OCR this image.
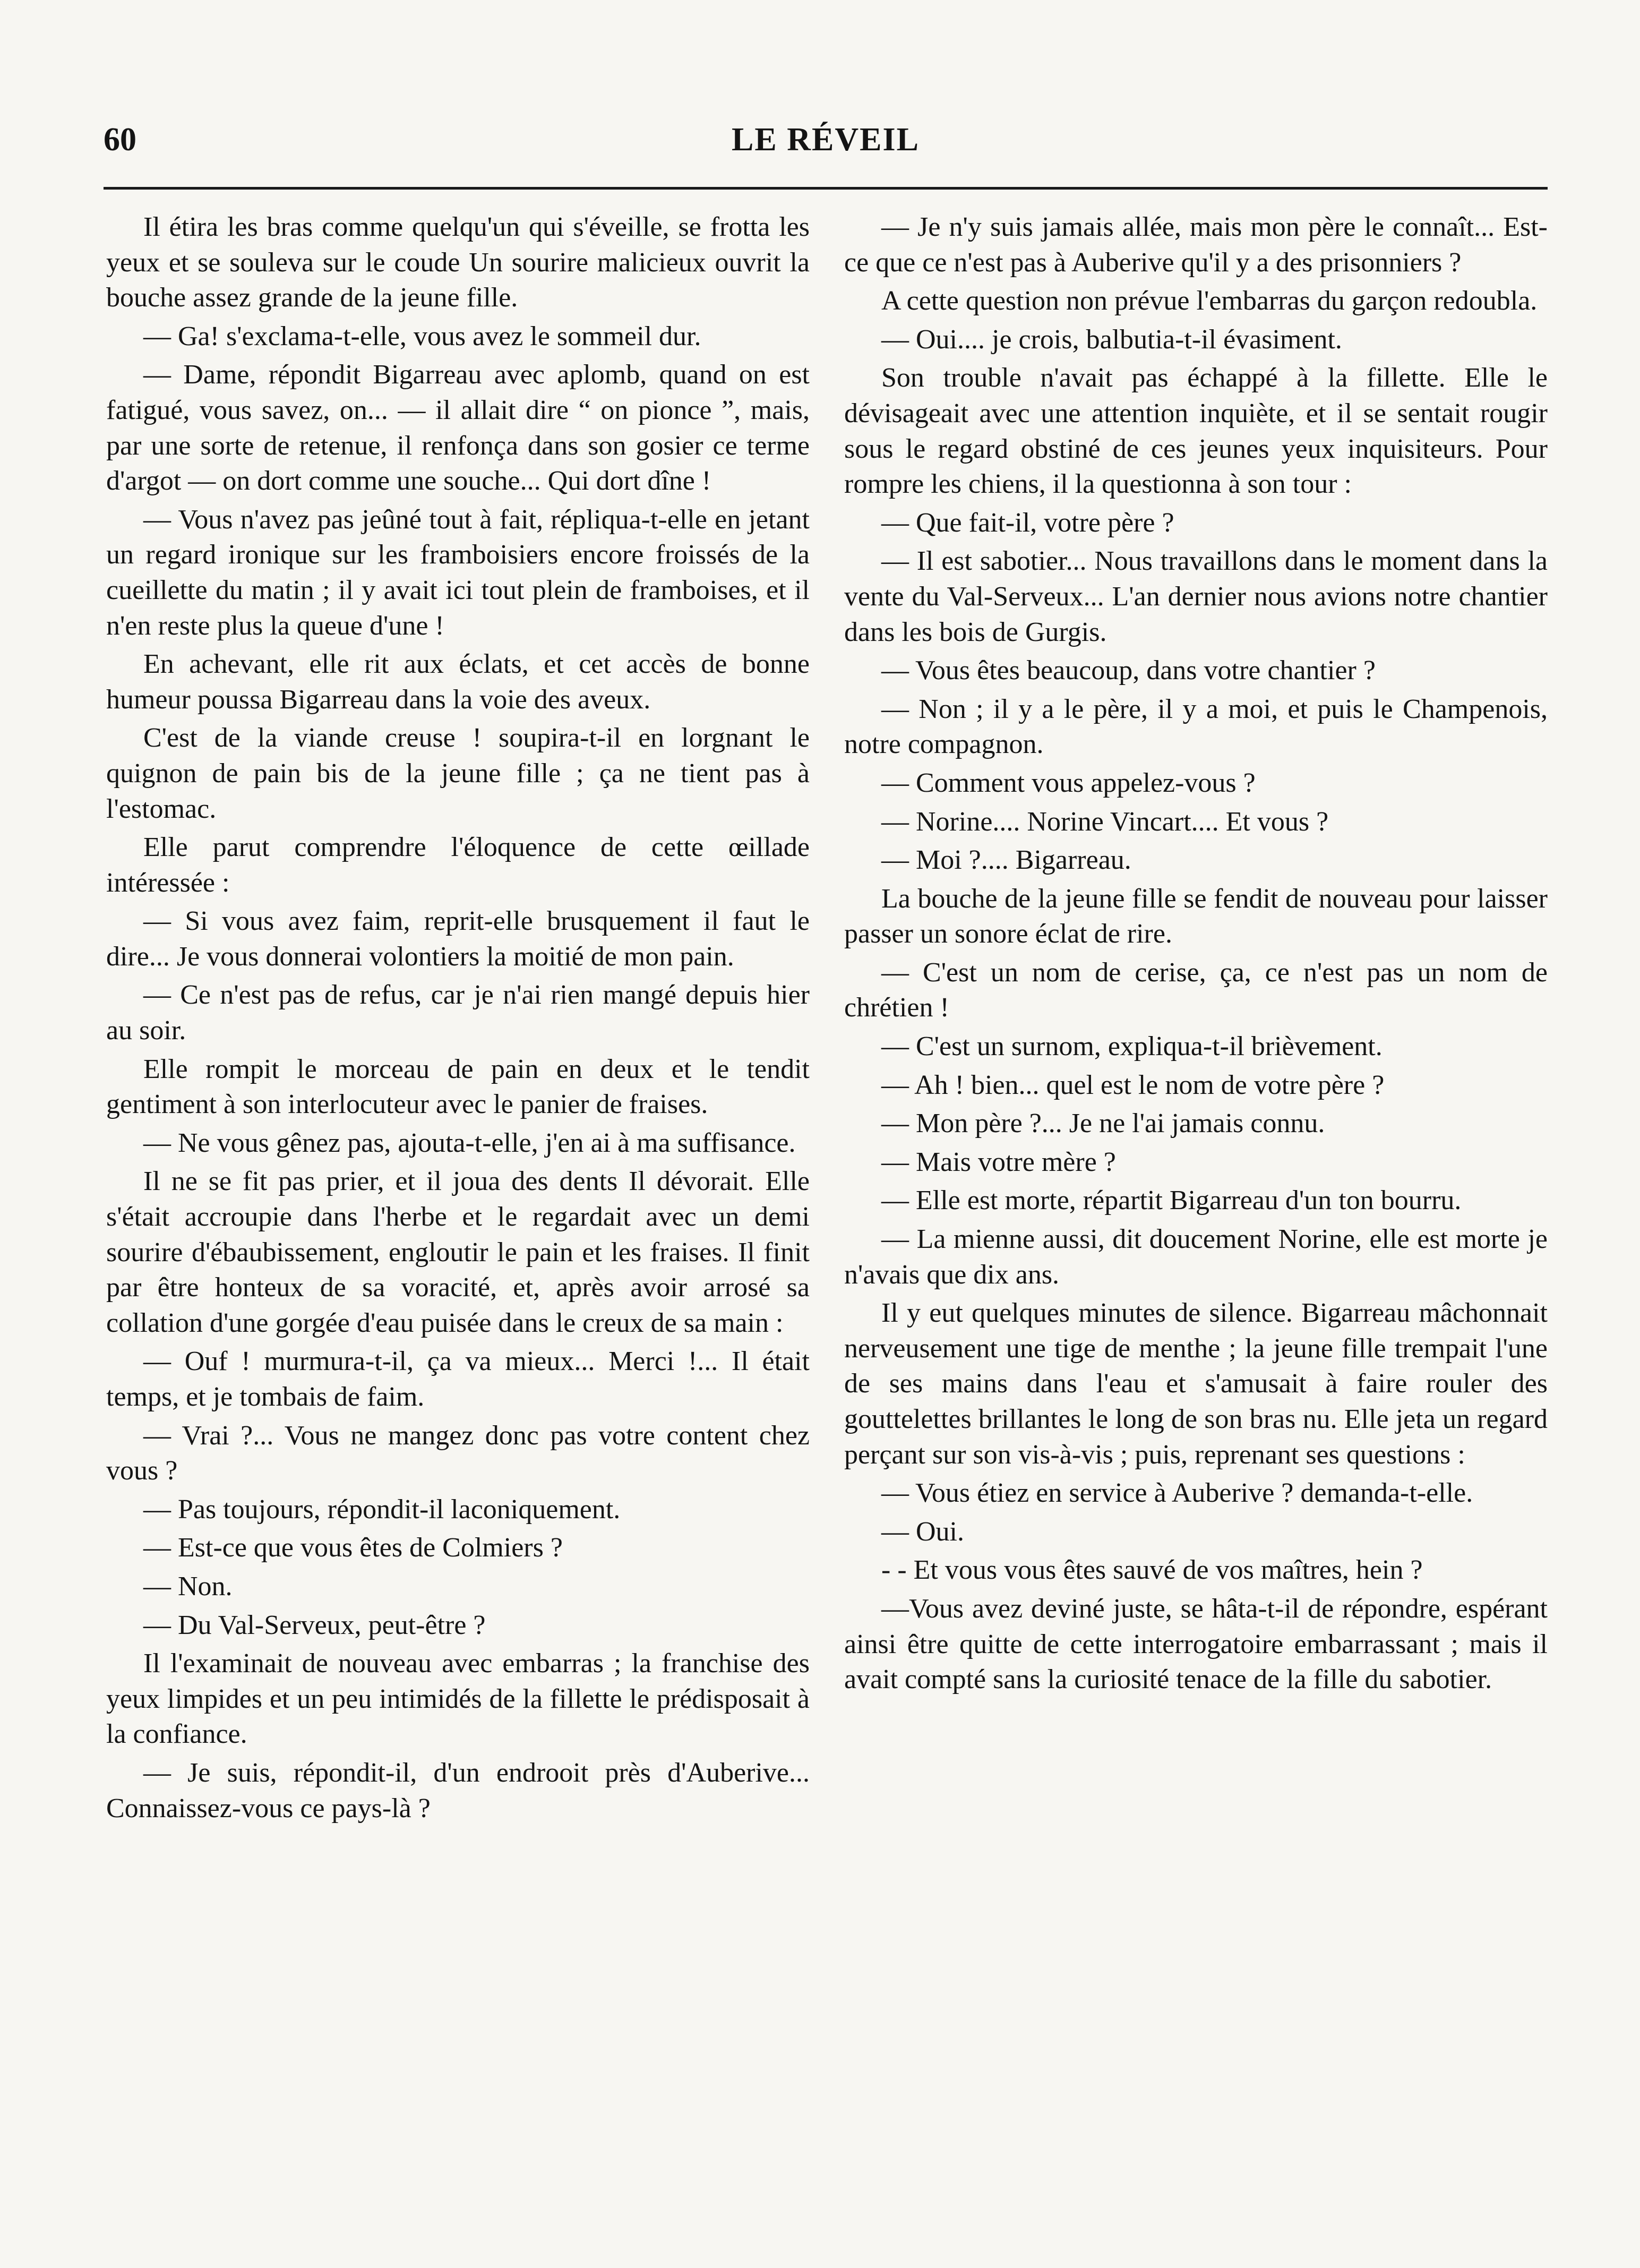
60	LE RÉVEIL

Il étira les bras comme quelqu'un qui s'éveille, se frotta les yeux et se souleva sur le coude Un sourire malicieux ouvrit la bouche assez grande de la jeune fille.

— Ga! s'exclama-t-elle, vous avez le sommeil dur.

— Dame, répondit Bigarreau avec aplomb, quand on est fatigué, vous savez, on... — il allait dire “ on pionce ”, mais, par une sorte de retenue, il renfonça dans son gosier ce terme d'argot — on dort comme une souche... Qui dort dîne !

— Vous n'avez pas jeûné tout à fait, répliqua-t-elle en jetant un regard ironique sur les framboisiers encore froissés de la cueillette du matin ; il y avait ici tout plein de framboises, et il n'en reste plus la queue d'une !

En achevant, elle rit aux éclats, et cet accès de bonne humeur poussa Bigarreau dans la voie des aveux.

C'est de la viande creuse ! soupira-t-il en lorgnant le quignon de pain bis de la jeune fille ; ça ne tient pas à l'estomac.

Elle parut comprendre l'éloquence de cette œillade intéressée :

— Si vous avez faim, reprit-elle brusquement il faut le dire... Je vous donnerai volontiers la moitié de mon pain.

— Ce n'est pas de refus, car je n'ai rien mangé depuis hier au soir.

Elle rompit le morceau de pain en deux et le tendit gentiment à son interlocuteur avec le panier de fraises.

— Ne vous gênez pas, ajouta-t-elle, j'en ai à ma suffisance.

Il ne se fit pas prier, et il joua des dents Il dévorait. Elle s'était accroupie dans l'herbe et le regardait avec un demi sourire d'ébaubissement, engloutir le pain et les fraises. Il finit par être honteux de sa voracité, et, après avoir arrosé sa collation d'une gorgée d'eau puisée dans le creux de sa main :

— Ouf ! murmura-t-il, ça va mieux... Merci !... Il était temps, et je tombais de faim.

— Vrai ?... Vous ne mangez donc pas votre content chez vous ?

— Pas toujours, répondit-il laconiquement.

— Est-ce que vous êtes de Colmiers ?

— Non.

— Du Val-Serveux, peut-être ?

Il l'examinait de nouveau avec embarras ; la franchise des yeux limpides et un peu intimidés de la fillette le prédisposait à la confiance.

— Je suis, répondit-il, d'un endrooit près d'Auberive... Connaissez-vous ce pays-là ?

— Je n'y suis jamais allée, mais mon père le connaît... Est-ce que ce n'est pas à Auberive qu'il y a des prisonniers ?

A cette question non prévue l'embarras du garçon redoubla.

— Oui.... je crois, balbutia-t-il évasiment.

Son trouble n'avait pas échappé à la fillette. Elle le dévisageait avec une attention inquiète, et il se sentait rougir sous le regard obstiné de ces jeunes yeux inquisiteurs. Pour rompre les chiens, il la questionna à son tour :

— Que fait-il, votre père ?

— Il est sabotier... Nous travaillons dans le moment dans la vente du Val-Serveux... L'an dernier nous avions notre chantier dans les bois de Gurgis.

— Vous êtes beaucoup, dans votre chantier ?

— Non ; il y a le père, il y a moi, et puis le Champenois, notre compagnon.

— Comment vous appelez-vous ?

— Norine.... Norine Vincart.... Et vous ?

— Moi ?.... Bigarreau.

La bouche de la jeune fille se fendit de nouveau pour laisser passer un sonore éclat de rire.

— C'est un nom de cerise, ça, ce n'est pas un nom de chrétien !

— C'est un surnom, expliqua-t-il brièvement.

— Ah ! bien... quel est le nom de votre père ?

— Mon père ?... Je ne l'ai jamais connu.

— Mais votre mère ?

— Elle est morte, répartit Bigarreau d'un ton bourru.

— La mienne aussi, dit doucement Norine, elle est morte je n'avais que dix ans.

Il y eut quelques minutes de silence. Bigarreau mâchonnait nerveusement une tige de menthe ; la jeune fille trempait l'une de ses mains dans l'eau et s'amusait à faire rouler des gouttelettes brillantes le long de son bras nu. Elle jeta un regard perçant sur son vis-à-vis ; puis, reprenant ses questions :

— Vous étiez en service à Auberive ? demanda-t-elle.

— Oui.

- - Et vous vous êtes sauvé de vos maîtres, hein ?

—Vous avez deviné juste, se hâta-t-il de répondre, espérant ainsi être quitte de cette interrogatoire embarrassant ; mais il avait compté sans la curiosité tenace de la fille du sabotier.
